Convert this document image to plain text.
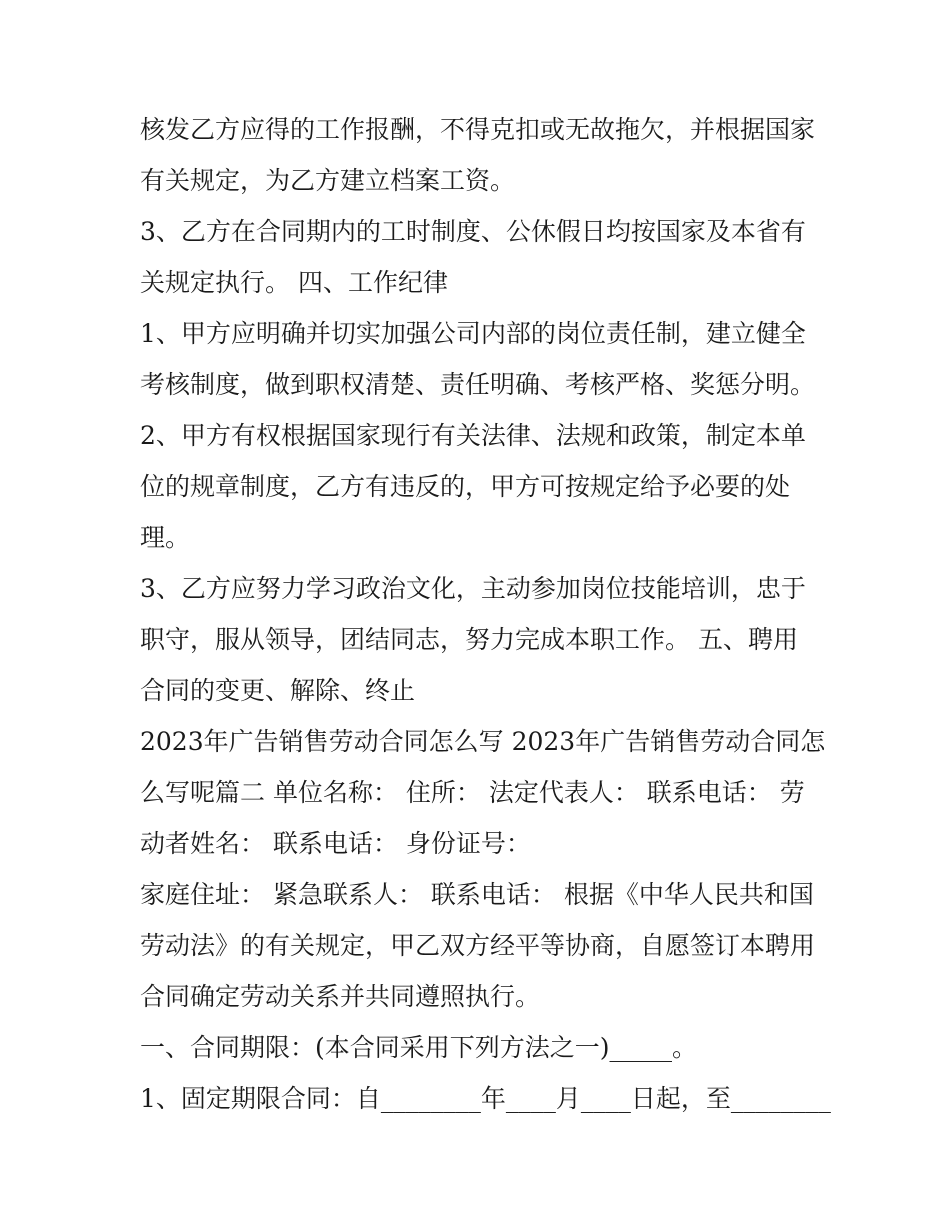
核发乙方应得的工作报酬，不得克扣或无故拖欠，并根据国家
有关规定，为乙方建立档案工资。
3、乙方在合同期内的工时制度、公休假日均按国家及本省有
关规定执行。 四、工作纪律
1、甲方应明确并切实加强公司内部的岗位责任制，建立健全
考核制度，做到职权清楚、责任明确、考核严格、奖惩分明。
2、甲方有权根据国家现行有关法律、法规和政策，制定本单
位的规章制度，乙方有违反的，甲方可按规定给予必要的处
理。
3、乙方应努力学习政治文化，主动参加岗位技能培训，忠于
职守，服从领导，团结同志，努力完成本职工作。 五、聘用
合同的变更、解除、终止
2023年广告销售劳动合同怎么写 2023年广告销售劳动合同怎
么写呢篇二 单位名称： 住所： 法定代表人： 联系电话： 劳
动者姓名： 联系电话： 身份证号：
家庭住址： 紧急联系人： 联系电话： 根据《中华人民共和国
劳动法》的有关规定，甲乙双方经平等协商，自愿签订本聘用
合同确定劳动关系并共同遵照执行。
一、合同期限：(本合同采用下列方法之一)_____。
1、固定期限合同：自________年____月____日起，至________
